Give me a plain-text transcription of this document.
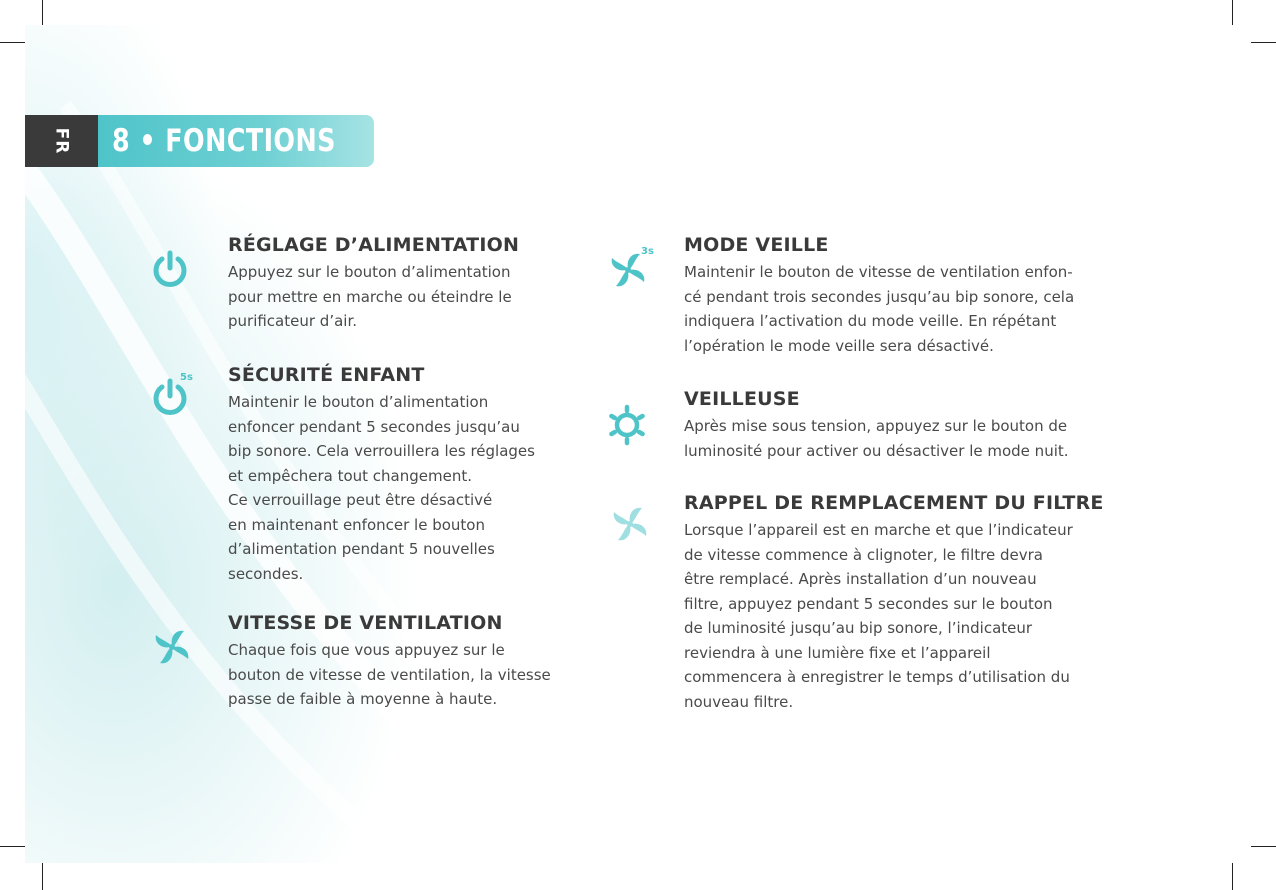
FR 8 • FONCTIONS
RÉGLAGE D’ALIMENTATION

Appuyez sur le bouton d’alimentation
pour mettre en marche ou éteindre le
purificateur d’air.

5s SÉCURITÉ ENFANT

Maintenir le bouton d’alimentation
enfoncer pendant 5 secondes jusqu’au
bip sonore. Cela verrouillera les réglages
et empêchera tout changement.
Ce verrouillage peut être désactivé
en maintenant enfoncer le bouton
d’alimentation pendant 5 nouvelles
secondes.

VITESSE DE VENTILATION

Chaque fois que vous appuyez sur le
bouton de vitesse de ventilation, la vitesse
passe de faible à moyenne à haute.

3s MODE VEILLE

Maintenir le bouton de vitesse de ventilation enfon-
cé pendant trois secondes jusqu’au bip sonore, cela
indiquera l’activation du mode veille. En répétant
l’opération le mode veille sera désactivé.

VEILLEUSE

Après mise sous tension, appuyez sur le bouton de
luminosité pour activer ou désactiver le mode nuit.

RAPPEL DE REMPLACEMENT DU FILTRE

Lorsque l’appareil est en marche et que l’indicateur
de vitesse commence à clignoter, le filtre devra
être remplacé. Après installation d’un nouveau
filtre, appuyez pendant 5 secondes sur le bouton
de luminosité jusqu’au bip sonore, l’indicateur
reviendra à une lumière fixe et l’appareil
commencera à enregistrer le temps d’utilisation du
nouveau filtre.
